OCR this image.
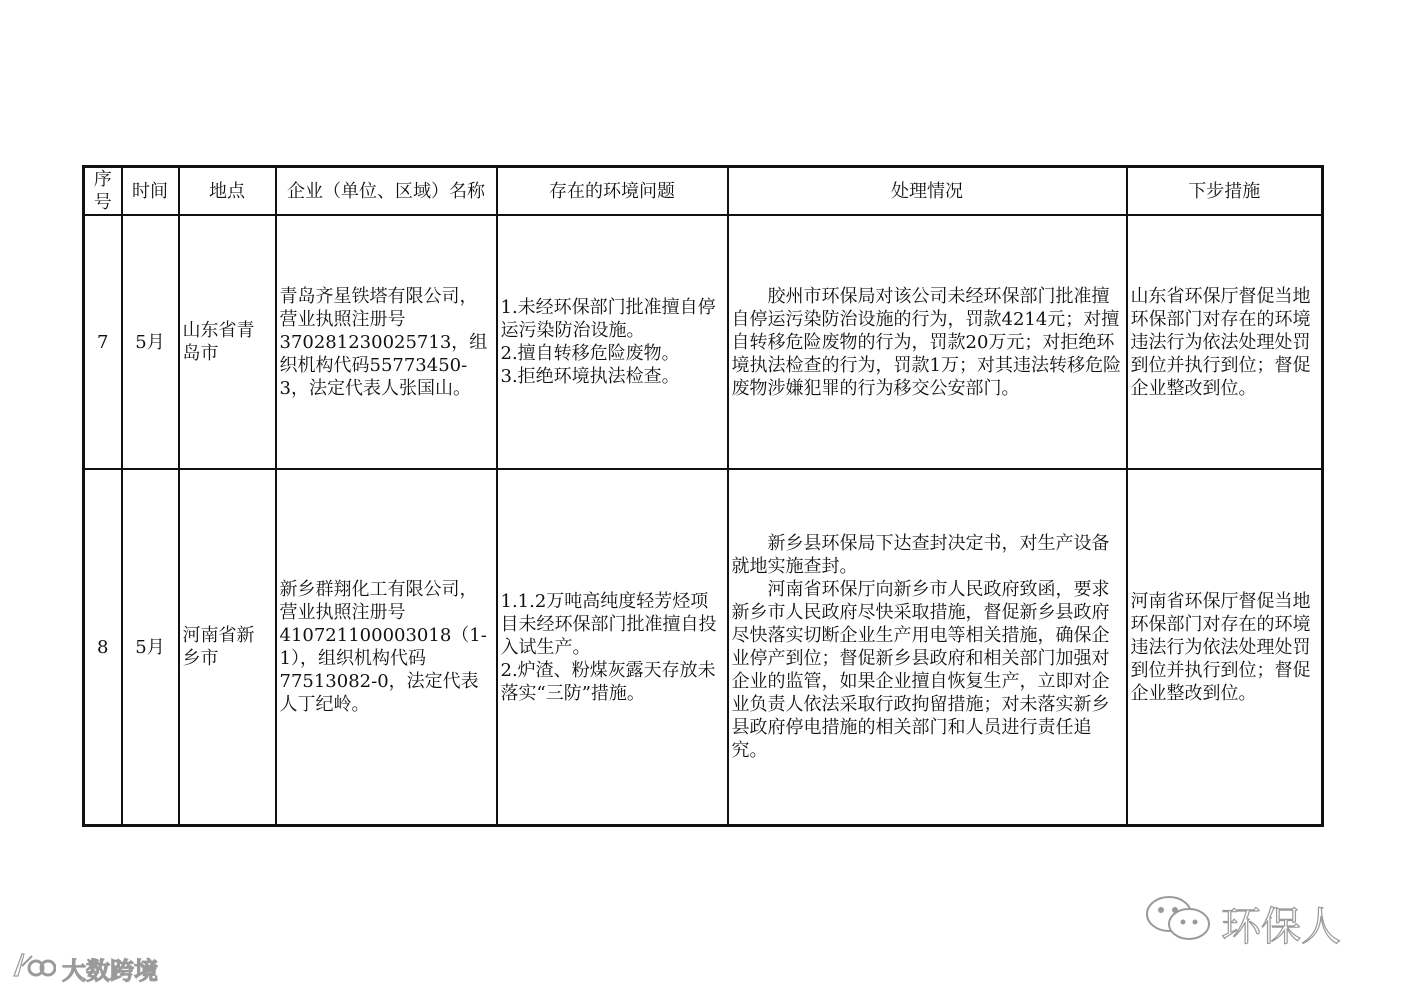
序号	时间	地点	企业（单位、区域）名称	存在的环境问题	处理情况	下步措施
7	5月	山东省青岛市	青岛齐星铁塔有限公司，营业执照注册号370281230025713，组织机构代码55773450-3，法定代表人张国山。	1.未经环保部门批准擅自停运污染防治设施。
2.擅自转移危险废物。
3.拒绝环境执法检查。	胶州市环保局对该公司未经环保部门批准擅自停运污染防治设施的行为，罚款4214元；对擅自转移危险废物的行为，罚款20万元；对拒绝环境执法检查的行为，罚款1万；对其违法转移危险废物涉嫌犯罪的行为移交公安部门。	山东省环保厅督促当地环保部门对存在的环境违法行为依法处理处罚到位并执行到位；督促企业整改到位。
8	5月	河南省新乡市	新乡群翔化工有限公司，营业执照注册号410721100003018（1-1），组织机构代码77513082-0，法定代表人丁纪岭。	1.1.2万吨高纯度轻芳烃项目未经环保部门批准擅自投入试生产。
2.炉渣、粉煤灰露天存放未落实“三防”措施。	新乡县环保局下达查封决定书，对生产设备就地实施查封。
河南省环保厅向新乡市人民政府致函，要求新乡市人民政府尽快采取措施，督促新乡县政府尽快落实切断企业生产用电等相关措施，确保企业停产到位；督促新乡县政府和相关部门加强对企业的监管，如果企业擅自恢复生产，立即对企业负责人依法采取行政拘留措施；对未落实新乡县政府停电措施的相关部门和人员进行责任追究。	河南省环保厅督促当地环保部门对存在的环境违法行为依法处理处罚到位并执行到位；督促企业整改到位。
大数跨境
环保人
